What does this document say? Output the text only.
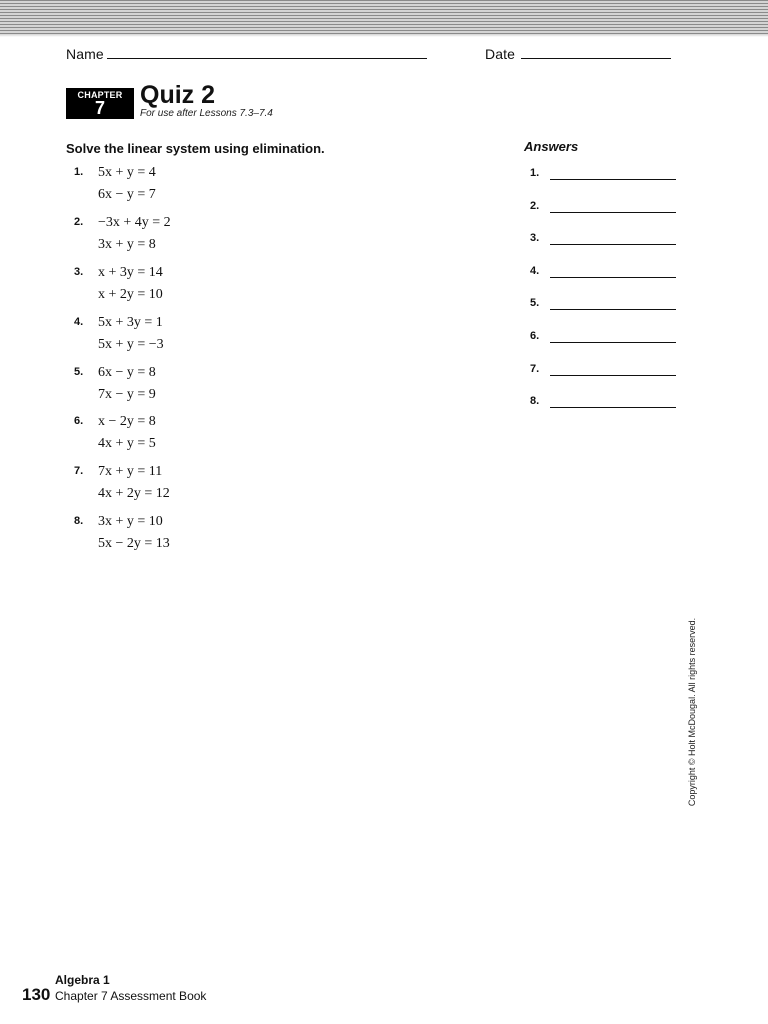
Name	Date
CHAPTER
7	Quiz 2
For use after Lessons 7.3–7.4
Solve the linear system using elimination.	Answers
1. 5x + y = 4
6x − y = 7
2. −3x + 4y = 2
3x + y = 8
3. x + 3y = 14
x + 2y = 10
4. 5x + 3y = 1
5x + y = −3
5. 6x − y = 8
7x − y = 9
6. x − 2y = 8
4x + y = 5
7. 7x + y = 11
4x + 2y = 12
8. 3x + y = 10
5x − 2y = 13
1.
2.
3.
4.
5.
6.
7.
8.
Copyright © Holt McDougal. All rights reserved.
Algebra 1
130 Chapter 7 Assessment Book
